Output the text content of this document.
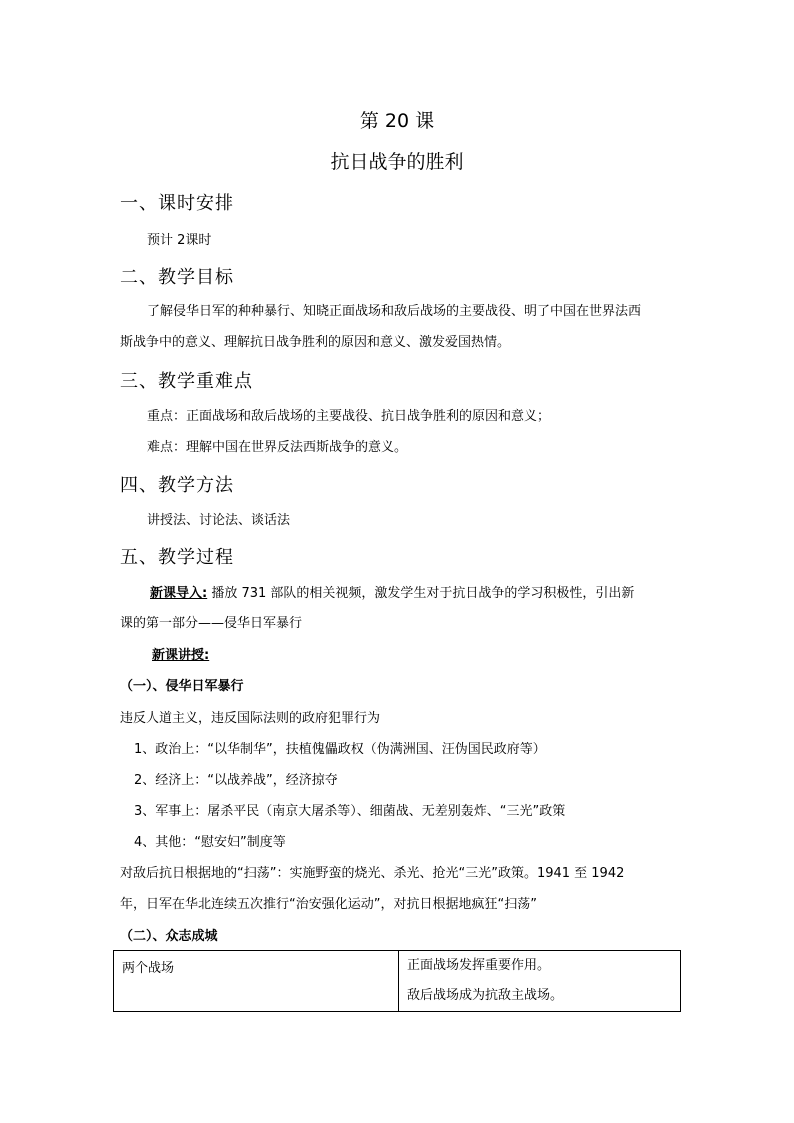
第 20 课
抗日战争的胜利
一、课时安排
预计 2课时
二、教学目标
了解侵华日军的种种暴行、知晓正面战场和敌后战场的主要战役、明了中国在世界法西
斯战争中的意义、理解抗日战争胜利的原因和意义、激发爱国热情。
三、教学重难点
重点：正面战场和敌后战场的主要战役、抗日战争胜利的原因和意义；
难点：理解中国在世界反法西斯战争的意义。
四、教学方法
讲授法、讨论法、谈话法
五、教学过程
新课导入: 播放 731 部队的相关视频，激发学生对于抗日战争的学习积极性，引出新
课的第一部分——侵华日军暴行
新课讲授:
（一）、侵华日军暴行
违反人道主义，违反国际法则的政府犯罪行为
1、政治上：“以华制华”，扶植傀儡政权（伪满洲国、汪伪国民政府等）
2、经济上：“以战养战”，经济掠夺
3、军事上：屠杀平民（南京大屠杀等）、细菌战、无差别轰炸、“三光”政策
4、其他：“慰安妇”制度等
对敌后抗日根据地的“扫荡”：实施野蛮的烧光、杀光、抢光“三光”政策。1941 至 1942
年，日军在华北连续五次推行“治安强化运动”，对抗日根据地疯狂“扫荡”
（二）、众志成城
两个战场	正面战场发挥重要作用。
敌后战场成为抗敌主战场。
